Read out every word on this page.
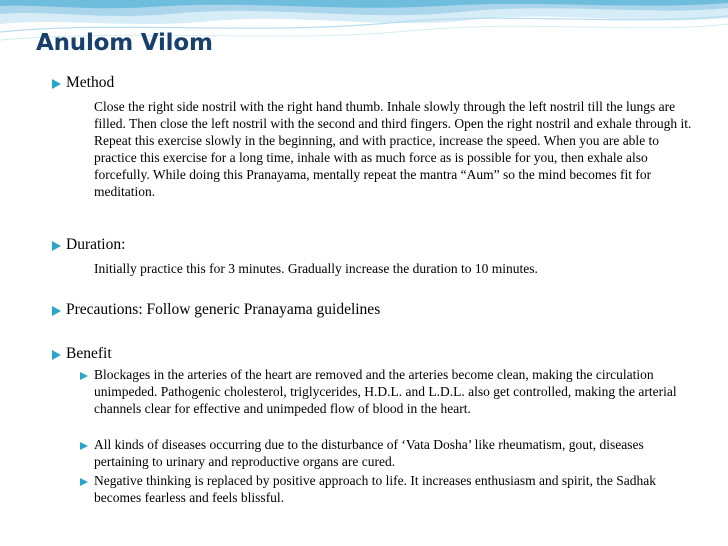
Anulom Vilom

Method

Close the right side nostril with the right hand thumb. Inhale slowly through the left nostril till the lungs are filled. Then close the left nostril with the second and third fingers. Open the right nostril and exhale through it. Repeat this exercise slowly in the beginning, and with practice, increase the speed. When you are able to practice this exercise for a long time, inhale with as much force as is possible for you, then exhale also forcefully. While doing this Pranayama, mentally repeat the mantra “Aum” so the mind becomes fit for meditation.

Duration:

Initially practice this for 3 minutes. Gradually increase the duration to 10 minutes.

Precautions: Follow generic Pranayama guidelines

Benefit

Blockages in the arteries of the heart are removed and the arteries become clean, making the circulation unimpeded. Pathogenic cholesterol, triglycerides, H.D.L. and L.D.L. also get controlled, making the arterial channels clear for effective and unimpeded flow of blood in the heart.

All kinds of diseases occurring due to the disturbance of ‘Vata Dosha’ like rheumatism, gout, diseases pertaining to urinary and reproductive organs are cured.

Negative thinking is replaced by positive approach to life. It increases enthusiasm and spirit, the Sadhak becomes fearless and feels blissful.
